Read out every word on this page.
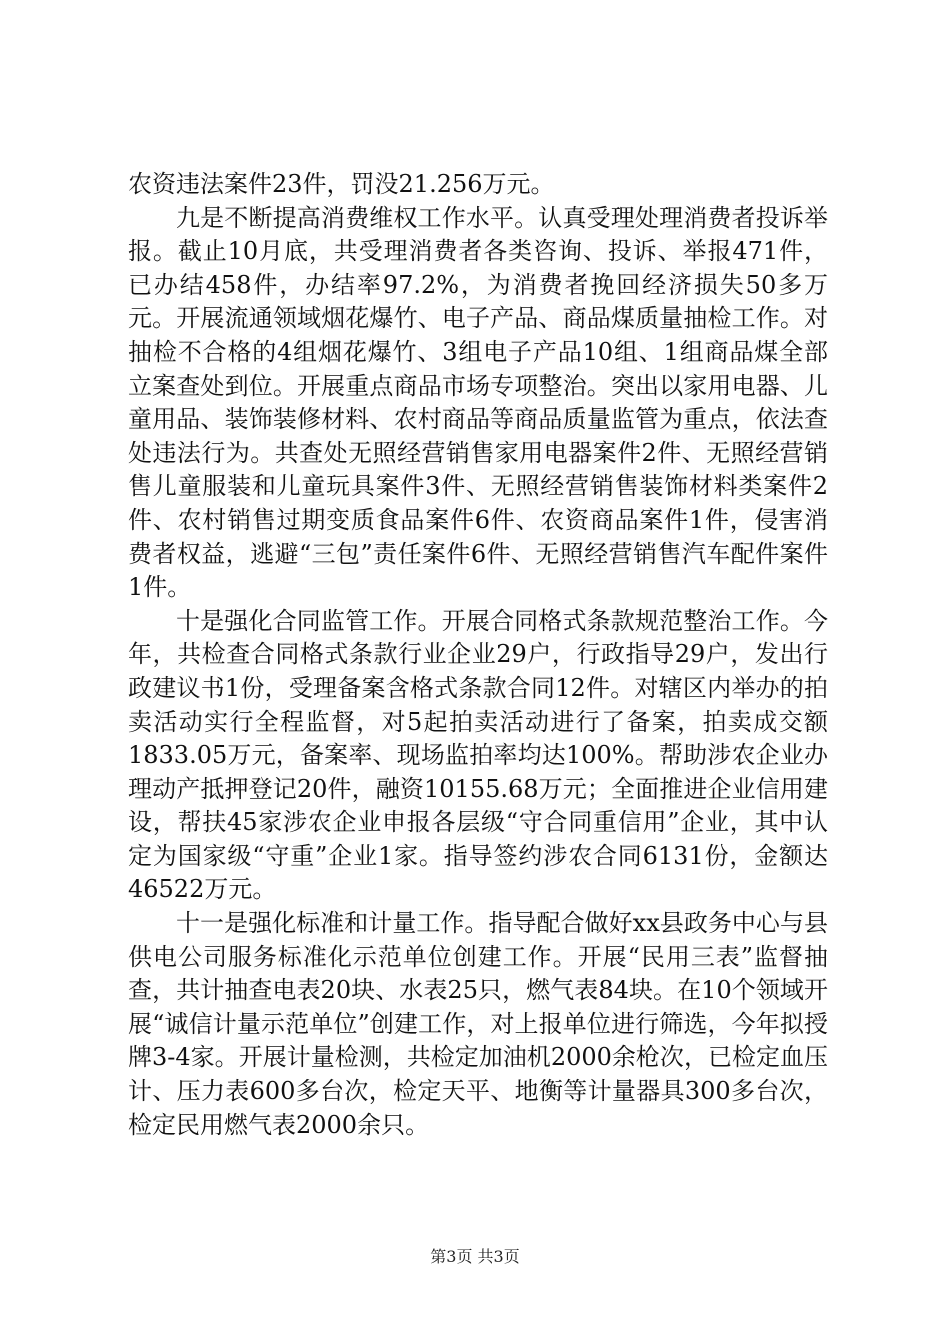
农资违法案件23件，罚没21.256万元。

九是不断提高消费维权工作水平。认真受理处理消费者投诉举报。截止10月底，共受理消费者各类咨询、投诉、举报471件，已办结458件，办结率97.2%，为消费者挽回经济损失50多万元。开展流通领域烟花爆竹、电子产品、商品煤质量抽检工作。对抽检不合格的4组烟花爆竹、3组电子产品10组、1组商品煤全部立案查处到位。开展重点商品市场专项整治。突出以家用电器、儿童用品、装饰装修材料、农村商品等商品质量监管为重点，依法查处违法行为。共查处无照经营销售家用电器案件2件、无照经营销售儿童服装和儿童玩具案件3件、无照经营销售装饰材料类案件2件、农村销售过期变质食品案件6件、农资商品案件1件，侵害消费者权益，逃避“三包”责任案件6件、无照经营销售汽车配件案件1件。

十是强化合同监管工作。开展合同格式条款规范整治工作。今年，共检查合同格式条款行业企业29户，行政指导29户，发出行政建议书1份，受理备案含格式条款合同12件。对辖区内举办的拍卖活动实行全程监督，对5起拍卖活动进行了备案，拍卖成交额1833.05万元，备案率、现场监拍率均达100%。帮助涉农企业办理动产抵押登记20件，融资10155.68万元；全面推进企业信用建设，帮扶45家涉农企业申报各层级“守合同重信用”企业，其中认定为国家级“守重”企业1家。指导签约涉农合同6131份，金额达46522万元。

十一是强化标准和计量工作。指导配合做好xx县政务中心与县供电公司服务标准化示范单位创建工作。开展“民用三表”监督抽查，共计抽查电表20块、水表25只，燃气表84块。在10个领域开展“诚信计量示范单位”创建工作，对上报单位进行筛选，今年拟授牌3-4家。开展计量检测，共检定加油机2000余枪次，已检定血压计、压力表600多台次，检定天平、地衡等计量器具300多台次，检定民用燃气表2000余只。

第3页 共3页
